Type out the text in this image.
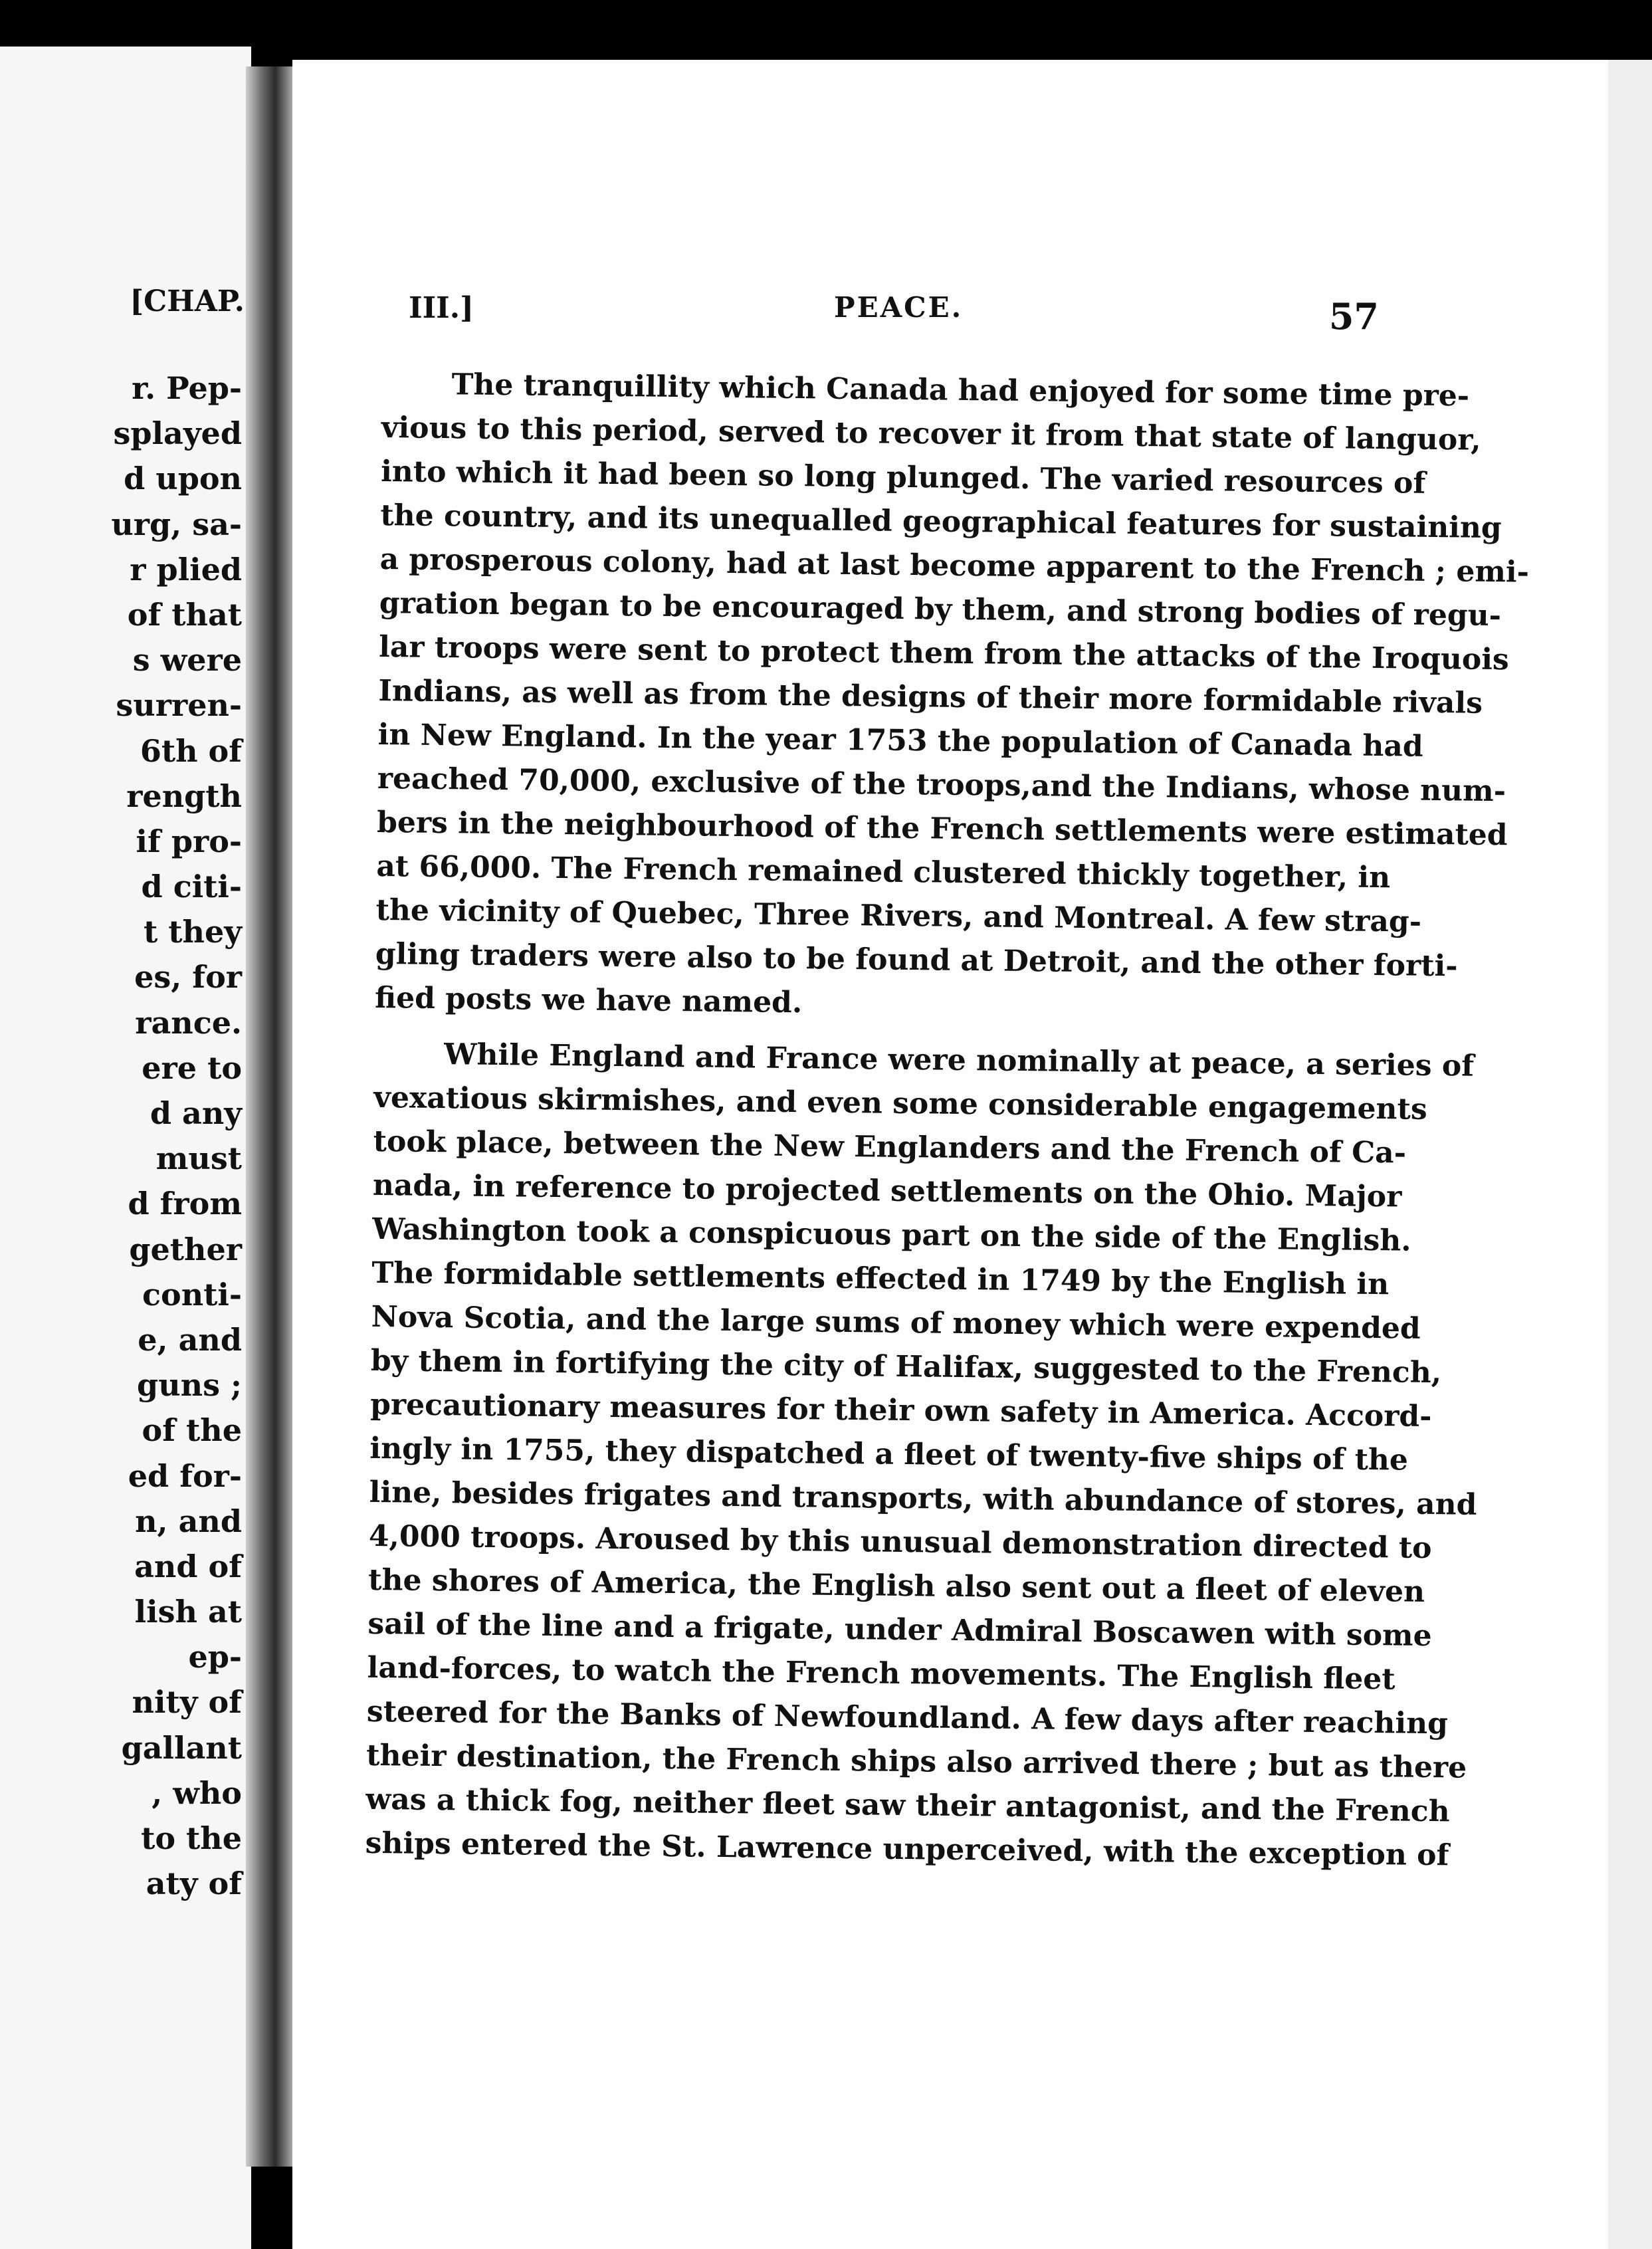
[CHAP.
r. Pep-
splayed
d upon
urg, sa-
r plied
of that
s were
surren-
6th of
rength
if pro-
d citi-
t they
es, for
rance.
ere to
d any
must
d from
gether
conti-
e, and
guns ;
of the
ed for-
n, and
and of
lish at
ep-
nity of
gallant
, who
to the
aty of
III.]	PEACE.	57
The tranquillity which Canada had enjoyed for some time pre-
vious to this period, served to recover it from that state of languor,
into which it had been so long plunged. The varied resources of
the country, and its unequalled geographical features for sustaining
a prosperous colony, had at last become apparent to the French ; emi-
gration began to be encouraged by them, and strong bodies of regu-
lar troops were sent to protect them from the attacks of the Iroquois
Indians, as well as from the designs of their more formidable rivals
in New England. In the year 1753 the population of Canada had
reached 70,000, exclusive of the troops,and the Indians, whose num-
bers in the neighbourhood of the French settlements were estimated
at 66,000. The French remained clustered thickly together, in
the vicinity of Quebec, Three Rivers, and Montreal. A few strag-
gling traders were also to be found at Detroit, and the other forti-
fied posts we have named.
While England and France were nominally at peace, a series of
vexatious skirmishes, and even some considerable engagements
took place, between the New Englanders and the French of Ca-
nada, in reference to projected settlements on the Ohio. Major
Washington took a conspicuous part on the side of the English.
The formidable settlements effected in 1749 by the English in
Nova Scotia, and the large sums of money which were expended
by them in fortifying the city of Halifax, suggested to the French,
precautionary measures for their own safety in America. Accord-
ingly in 1755, they dispatched a fleet of twenty-five ships of the
line, besides frigates and transports, with abundance of stores, and
4,000 troops. Aroused by this unusual demonstration directed to
the shores of America, the English also sent out a fleet of eleven
sail of the line and a frigate, under Admiral Boscawen with some
land-forces, to watch the French movements. The English fleet
steered for the Banks of Newfoundland. A few days after reaching
their destination, the French ships also arrived there ; but as there
was a thick fog, neither fleet saw their antagonist, and the French
ships entered the St. Lawrence unperceived, with the exception of
